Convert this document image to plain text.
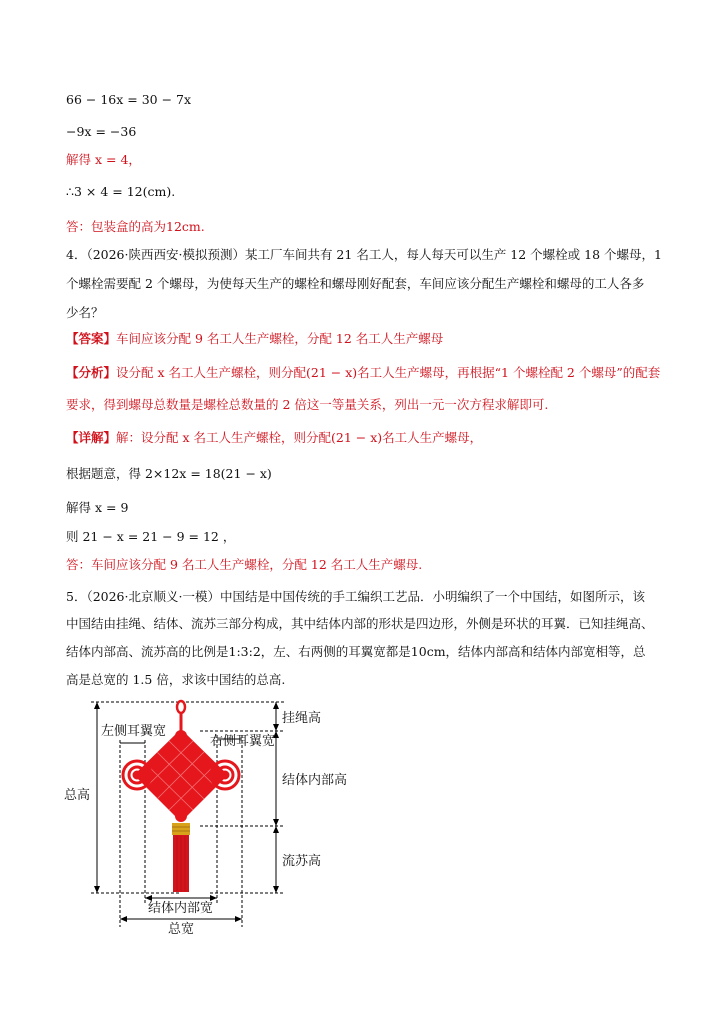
66 − 16x = 30 − 7x
−9x = −36
解得 x = 4，
∴3 × 4 = 12(cm).
答：包装盒的高为12cm.
4．（2026·陕西西安·模拟预测）某工厂车间共有 21 名工人，每人每天可以生产 12 个螺栓或 18 个螺母，1
个螺栓需要配 2 个螺母，为使每天生产的螺栓和螺母刚好配套，车间应该分配生产螺栓和螺母的工人各多
少名？
【答案】车间应该分配 9 名工人生产螺栓，分配 12 名工人生产螺母
【分析】设分配 x 名工人生产螺栓，则分配(21 − x)名工人生产螺母，再根据“1 个螺栓配 2 个螺母”的配套
要求，得到螺母总数量是螺栓总数量的 2 倍这一等量关系，列出一元一次方程求解即可.
【详解】解：设分配 x 名工人生产螺栓，则分配(21 − x)名工人生产螺母，
根据题意，得 2×12x = 18(21 − x)
解得 x = 9
则 21 − x = 21 − 9 = 12 ，
答：车间应该分配 9 名工人生产螺栓，分配 12 名工人生产螺母.
5．（2026·北京顺义·一模）中国结是中国传统的手工编织工艺品．小明编织了一个中国结，如图所示，该
中国结由挂绳、结体、流苏三部分构成，其中结体内部的形状是四边形，外侧是环状的耳翼．已知挂绳高、
结体内部高、流苏高的比例是1:3:2，左、右两侧的耳翼宽都是10cm，结体内部高和结体内部宽相等，总
高是总宽的 1.5 倍，求该中国结的总高.
总高
左侧耳翼宽
右侧耳翼宽
挂绳高
结体内部高
流苏高
结体内部宽
总宽
